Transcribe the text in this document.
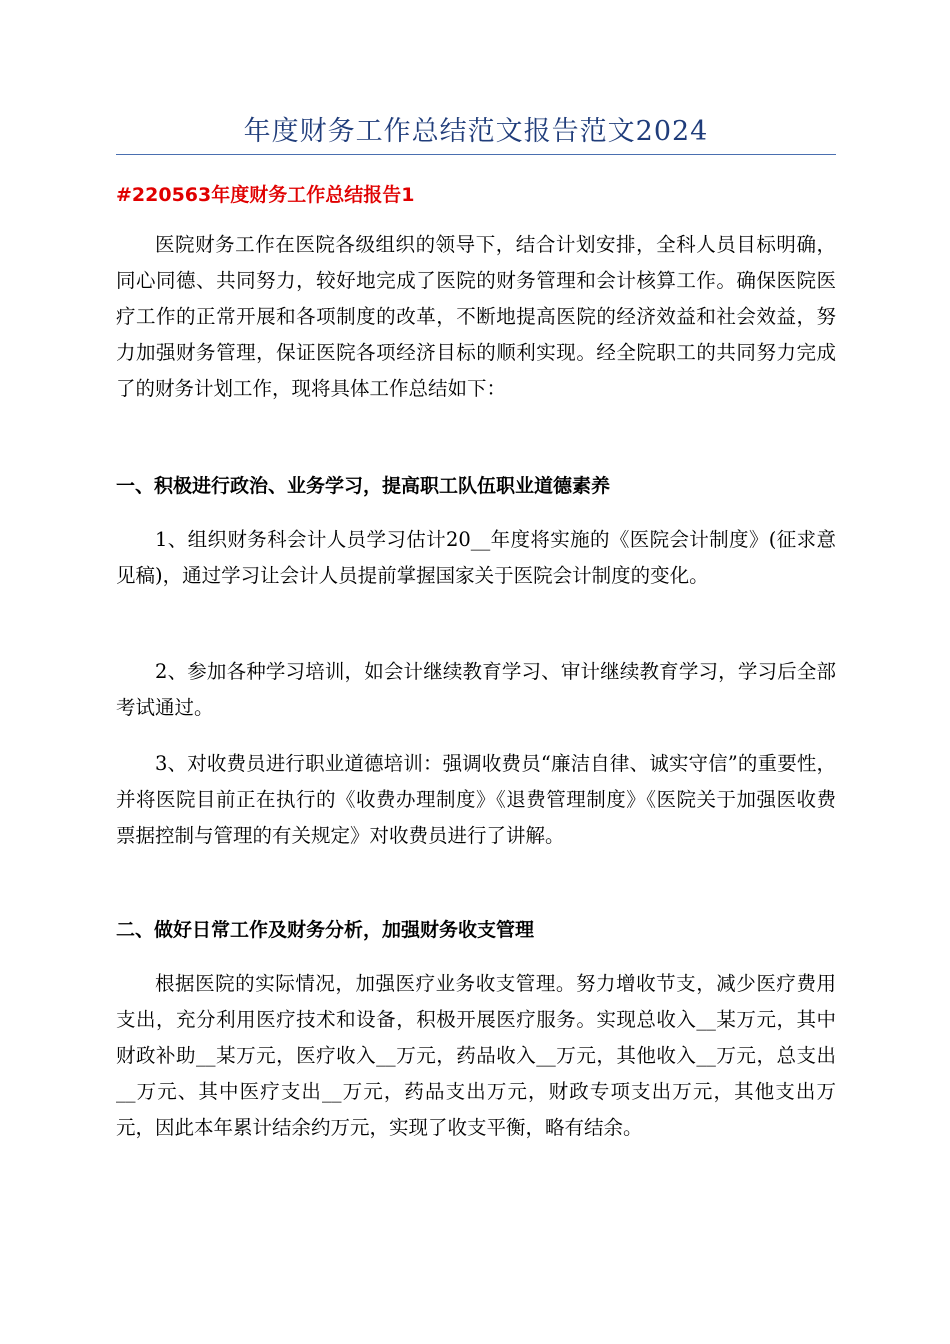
年度财务工作总结范文报告范文2024

#220563年度财务工作总结报告1

医院财务工作在医院各级组织的领导下，结合计划安排，全科人员目标明确，同心同德、共同努力，较好地完成了医院的财务管理和会计核算工作。确保医院医疗工作的正常开展和各项制度的改革，不断地提高医院的经济效益和社会效益，努力加强财务管理，保证医院各项经济目标的顺利实现。经全院职工的共同努力完成了的财务计划工作，现将具体工作总结如下：

一、积极进行政治、业务学习，提高职工队伍职业道德素养

1、组织财务科会计人员学习估计20__年度将实施的《医院会计制度》(征求意见稿)，通过学习让会计人员提前掌握国家关于医院会计制度的变化。

2、参加各种学习培训，如会计继续教育学习、审计继续教育学习，学习后全部考试通过。

3、对收费员进行职业道德培训：强调收费员“廉洁自律、诚实守信”的重要性，并将医院目前正在执行的《收费办理制度》《退费管理制度》《医院关于加强医收费票据控制与管理的有关规定》对收费员进行了讲解。

二、做好日常工作及财务分析，加强财务收支管理

根据医院的实际情况，加强医疗业务收支管理。努力增收节支，减少医疗费用支出，充分利用医疗技术和设备，积极开展医疗服务。实现总收入__某万元，其中财政补助__某万元，医疗收入__万元，药品收入__万元，其他收入__万元，总支出__万元、其中医疗支出__万元，药品支出万元，财政专项支出万元，其他支出万元，因此本年累计结余约万元，实现了收支平衡，略有结余。
